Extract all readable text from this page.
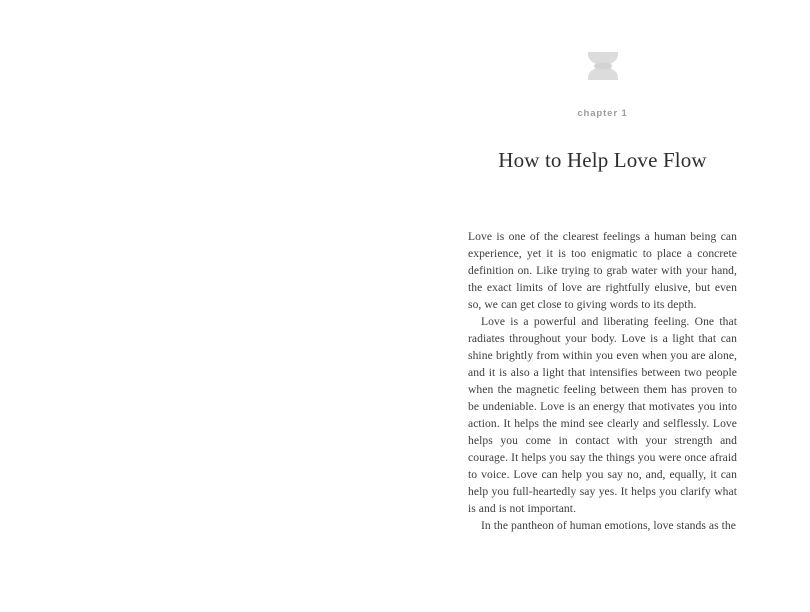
chapter 1
How to Help Love Flow

Love is one of the clearest feelings a human being can experience, yet it is too enigmatic to place a concrete definition on. Like trying to grab water with your hand, the exact limits of love are rightfully elusive, but even so, we can get close to giving words to its depth.

Love is a powerful and liberating feeling. One that radiates throughout your body. Love is a light that can shine brightly from within you even when you are alone, and it is also a light that intensifies between two people when the magnetic feeling between them has proven to be undeniable. Love is an energy that motivates you into action. It helps the mind see clearly and selflessly. Love helps you come in contact with your strength and courage. It helps you say the things you were once afraid to voice. Love can help you say no, and, equally, it can help you full-heartedly say yes. It helps you clarify what is and is not important.

In the pantheon of human emotions, love stands as the
